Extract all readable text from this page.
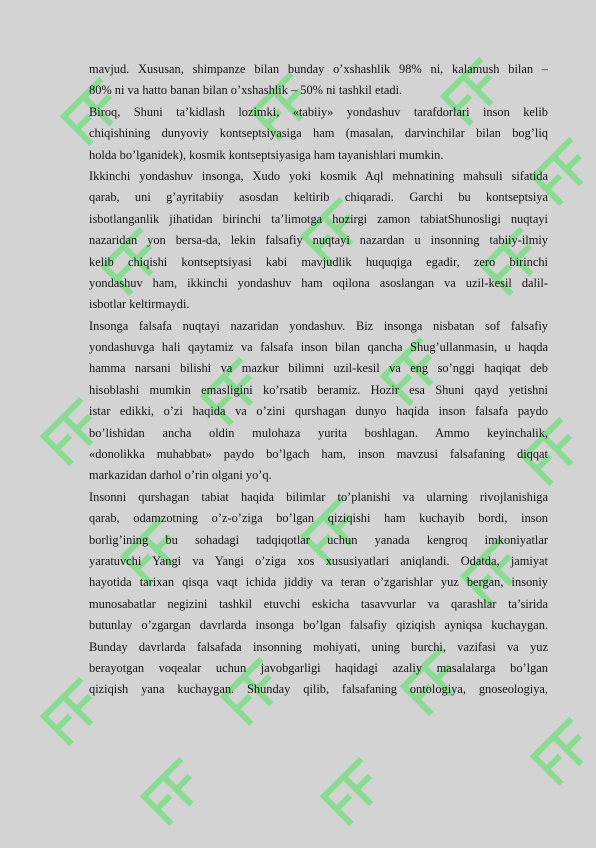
mavjud. Xususan, shimpanze bilan bunday o’xshashlik 98% ni, kalamush bilan –
80% ni va hatto banan bilan o’xshashlik – 50% ni tashkil etadi.
Biroq, Shuni ta’kidlash lozimki, «tabiiy» yondashuv tarafdorlari inson kelib
chiqishining dunyoviy kontseptsiyasiga ham (masalan, darvinchilar bilan bog’liq
holda bo’lganidek), kosmik kontseptsiyasiga ham tayanishlari mumkin.
Ikkinchi yondashuv insonga, Xudo yoki kosmik Aql mehnatining mahsuli sifatida
qarab, uni g’ayritabiiy asosdan keltirib chiqaradi. Garchi bu kontseptsiya
isbotlanganlik jihatidan birinchi ta’limotga hozirgi zamon tabiatShunosligi nuqtayi
nazaridan yon bersa-da, lekin falsafiy nuqtayi nazardan u insonning tabiiy-ilmiy
kelib chiqishi kontseptsiyasi kabi mavjudlik huquqiga egadir, zero birinchi
yondashuv ham, ikkinchi yondashuv ham oqilona asoslangan va uzil-kesil dalil-
isbotlar keltirmaydi.
Insonga falsafa nuqtayi nazaridan yondashuv. Biz insonga nisbatan sof falsafiy
yondashuvga hali qaytamiz va falsafa inson bilan qancha Shug’ullanmasin, u haqda
hamma narsani bilishi va mazkur bilimni uzil-kesil va eng so’nggi haqiqat deb
hisoblashi mumkin emasligini ko’rsatib beramiz. Hozir esa Shuni qayd yetishni
istar edikki, o’zi haqida va o’zini qurshagan dunyo haqida inson falsafa paydo
bo’lishidan ancha oldin mulohaza yurita boshlagan. Ammo keyinchalik,
«donolikka muhabbat» paydo bo’lgach ham, inson mavzusi falsafaning diqqat
markazidan darhol o’rin olgani yo’q.
Insonni qurshagan tabiat haqida bilimlar to’planishi va ularning rivojlanishiga
qarab, odamzotning o’z-o’ziga bo’lgan qiziqishi ham kuchayib bordi, inson
borlig’ining bu sohadagi tadqiqotlar uchun yanada kengroq imkoniyatlar
yaratuvchi Yangi va Yangi o’ziga xos xususiyatlari aniqlandi. Odatda, jamiyat
hayotida tarixan qisqa vaqt ichida jiddiy va teran o’zgarishlar yuz bergan, insoniy
munosabatlar negizini tashkil etuvchi eskicha tasavvurlar va qarashlar ta’sirida
butunlay o’zgargan davrlarda insonga bo’lgan falsafiy qiziqish ayniqsa kuchaygan.
Bunday davrlarda falsafada insonning mohiyati, uning burchi, vazifasi va yuz
berayotgan voqealar uchun javobgarligi haqidagi azaliy masalalarga bo’lgan
qiziqish yana kuchaygan. Shunday qilib, falsafaning ontologiya, gnoseologiya,
